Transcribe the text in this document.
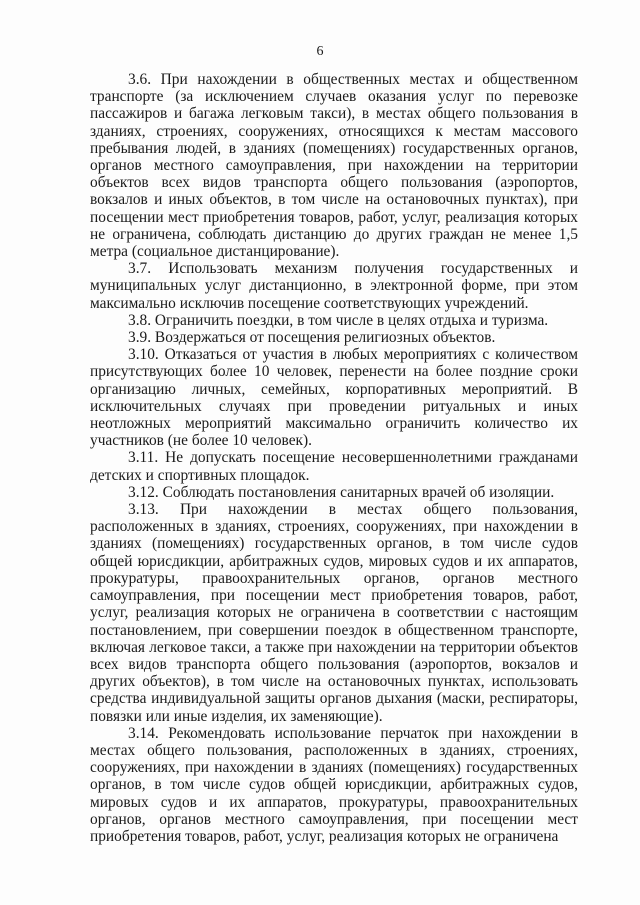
6

3.6. При нахождении в общественных местах и общественном транспорте (за исключением случаев оказания услуг по перевозке пассажиров и багажа легковым такси), в местах общего пользования в зданиях, строениях, сооружениях, относящихся к местам массового пребывания людей, в зданиях (помещениях) государственных органов, органов местного самоуправления, при нахождении на территории объектов всех видов транспорта общего пользования (аэропортов, вокзалов и иных объектов, в том числе на остановочных пунктах), при посещении мест приобретения товаров, работ, услуг, реализация которых не ограничена, соблюдать дистанцию до других граждан не менее 1,5 метра (социальное дистанцирование).

3.7. Использовать механизм получения государственных и муниципальных услуг дистанционно, в электронной форме, при этом максимально исключив посещение соответствующих учреждений.

3.8. Ограничить поездки, в том числе в целях отдыха и туризма.

3.9. Воздержаться от посещения религиозных объектов.

3.10. Отказаться от участия в любых мероприятиях с количеством присутствующих более 10 человек, перенести на более поздние сроки организацию личных, семейных, корпоративных мероприятий. В исключительных случаях при проведении ритуальных и иных неотложных мероприятий максимально ограничить количество их участников (не более 10 человек).

3.11. Не допускать посещение несовершеннолетними гражданами детских и спортивных площадок.

3.12. Соблюдать постановления санитарных врачей об изоляции.

3.13. При нахождении в местах общего пользования, расположенных в зданиях, строениях, сооружениях, при нахождении в зданиях (помещениях) государственных органов, в том числе судов общей юрисдикции, арбитражных судов, мировых судов и их аппаратов, прокуратуры, правоохранительных органов, органов местного самоуправления, при посещении мест приобретения товаров, работ, услуг, реализация которых не ограничена в соответствии с настоящим постановлением, при совершении поездок в общественном транспорте, включая легковое такси, а также при нахождении на территории объектов всех видов транспорта общего пользования (аэропортов, вокзалов и других объектов), в том числе на остановочных пунктах, использовать средства индивидуальной защиты органов дыхания (маски, респираторы, повязки или иные изделия, их заменяющие).

3.14. Рекомендовать использование перчаток при нахождении в местах общего пользования, расположенных в зданиях, строениях, сооружениях, при нахождении в зданиях (помещениях) государственных органов, в том числе судов общей юрисдикции, арбитражных судов, мировых судов и их аппаратов, прокуратуры, правоохранительных органов, органов местного самоуправления, при посещении мест приобретения товаров, работ, услуг, реализация которых не ограничена
